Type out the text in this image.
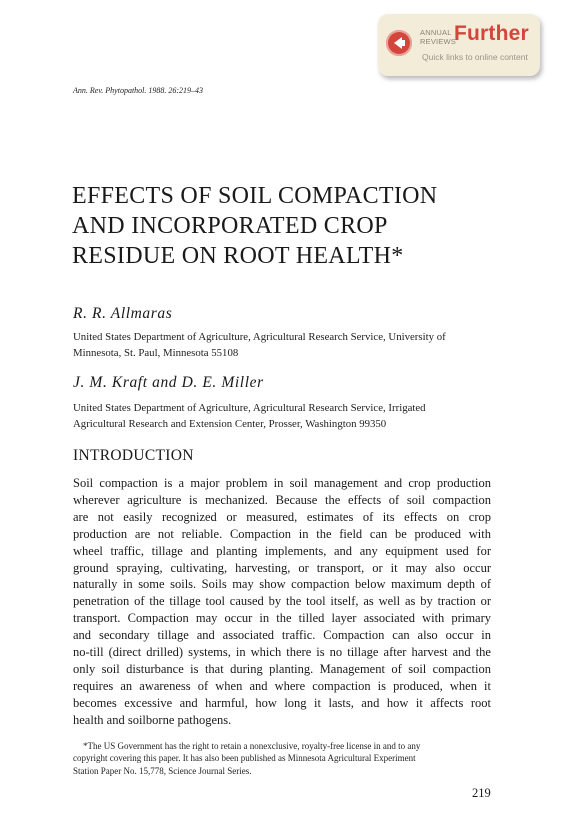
ANNUAL
REVIEWS
Further
Quick links to online content
Ann. Rev. Phytopathol. 1988. 26:219–43
EFFECTS OF SOIL COMPACTION
AND INCORPORATED CROP
RESIDUE ON ROOT HEALTH*
R. R. Allmaras
United States Department of Agriculture, Agricultural Research Service, University of
Minnesota, St. Paul, Minnesota 55108
J. M. Kraft and D. E. Miller
United States Department of Agriculture, Agricultural Research Service, Irrigated
Agricultural Research and Extension Center, Prosser, Washington 99350
INTRODUCTION
Soil compaction is a major problem in soil management and crop production
wherever agriculture is mechanized. Because the effects of soil compaction
are not easily recognized or measured, estimates of its effects on crop
production are not reliable. Compaction in the field can be produced with
wheel traffic, tillage and planting implements, and any equipment used for
ground spraying, cultivating, harvesting, or transport, or it may also occur
naturally in some soils. Soils may show compaction below maximum depth of
penetration of the tillage tool caused by the tool itself, as well as by traction or
transport. Compaction may occur in the tilled layer associated with primary
and secondary tillage and associated traffic. Compaction can also occur in
no-till (direct drilled) systems, in which there is no tillage after harvest and the
only soil disturbance is that during planting. Management of soil compaction
requires an awareness of when and where compaction is produced, when it
becomes excessive and harmful, how long it lasts, and how it affects root
health and soilborne pathogens.
*The US Government has the right to retain a nonexclusive, royalty-free license in and to any
copyright covering this paper. It has also been published as Minnesota Agricultural Experiment
Station Paper No. 15,778, Science Journal Series.
219
